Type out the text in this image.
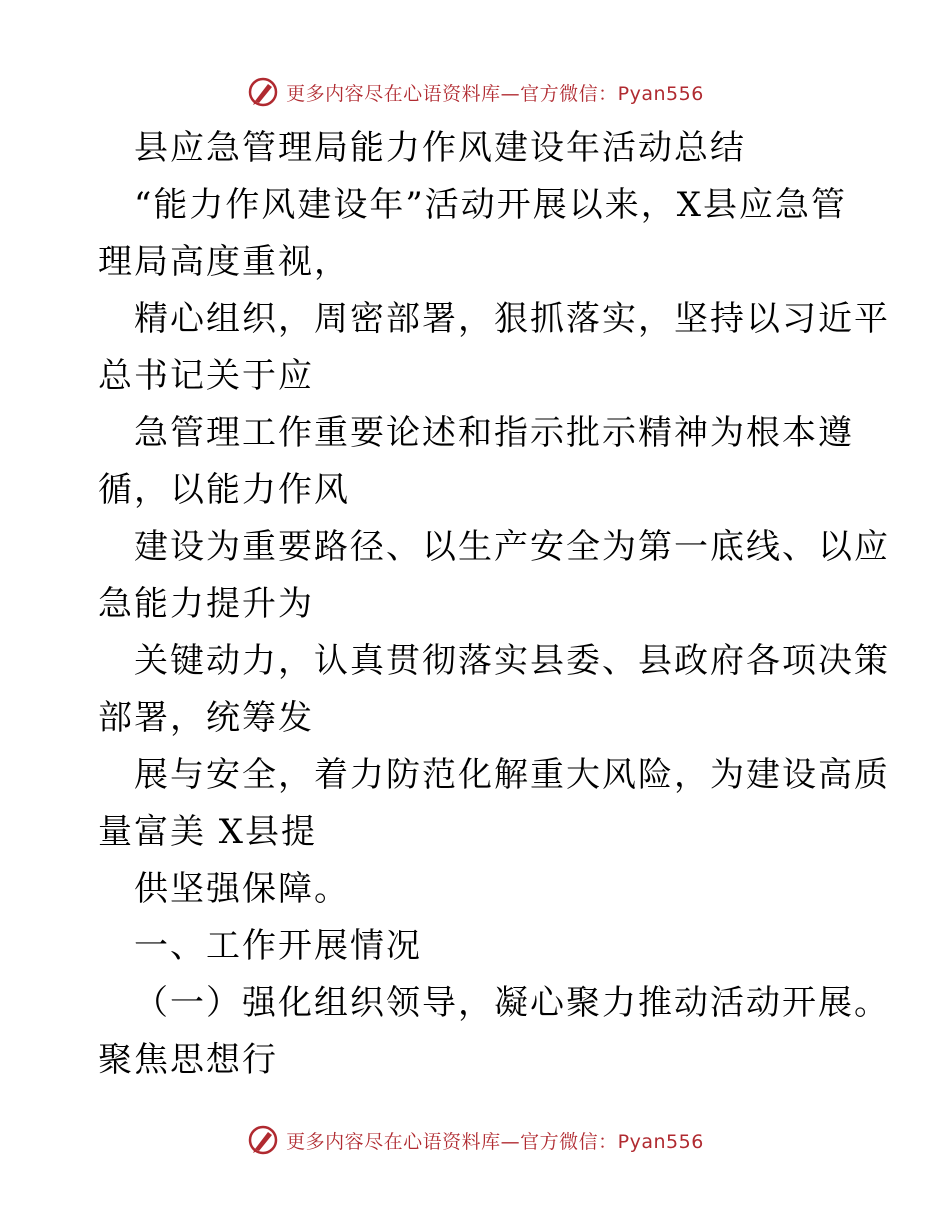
更多内容尽在心语资料库—官方微信：Pyan556
县应急管理局能力作风建设年活动总结
“能力作风建设年”活动开展以来，X县应急管
理局高度重视，
精心组织，周密部署，狠抓落实，坚持以习近平
总书记关于应
急管理工作重要论述和指示批示精神为根本遵
循，以能力作风
建设为重要路径、以生产安全为第一底线、以应
急能力提升为
关键动力，认真贯彻落实县委、县政府各项决策
部署，统筹发
展与安全，着力防范化解重大风险，为建设高质
量富美 X县提
供坚强保障。
一、工作开展情况
（一）强化组织领导，凝心聚力推动活动开展。
聚焦思想行
更多内容尽在心语资料库—官方微信：Pyan556
